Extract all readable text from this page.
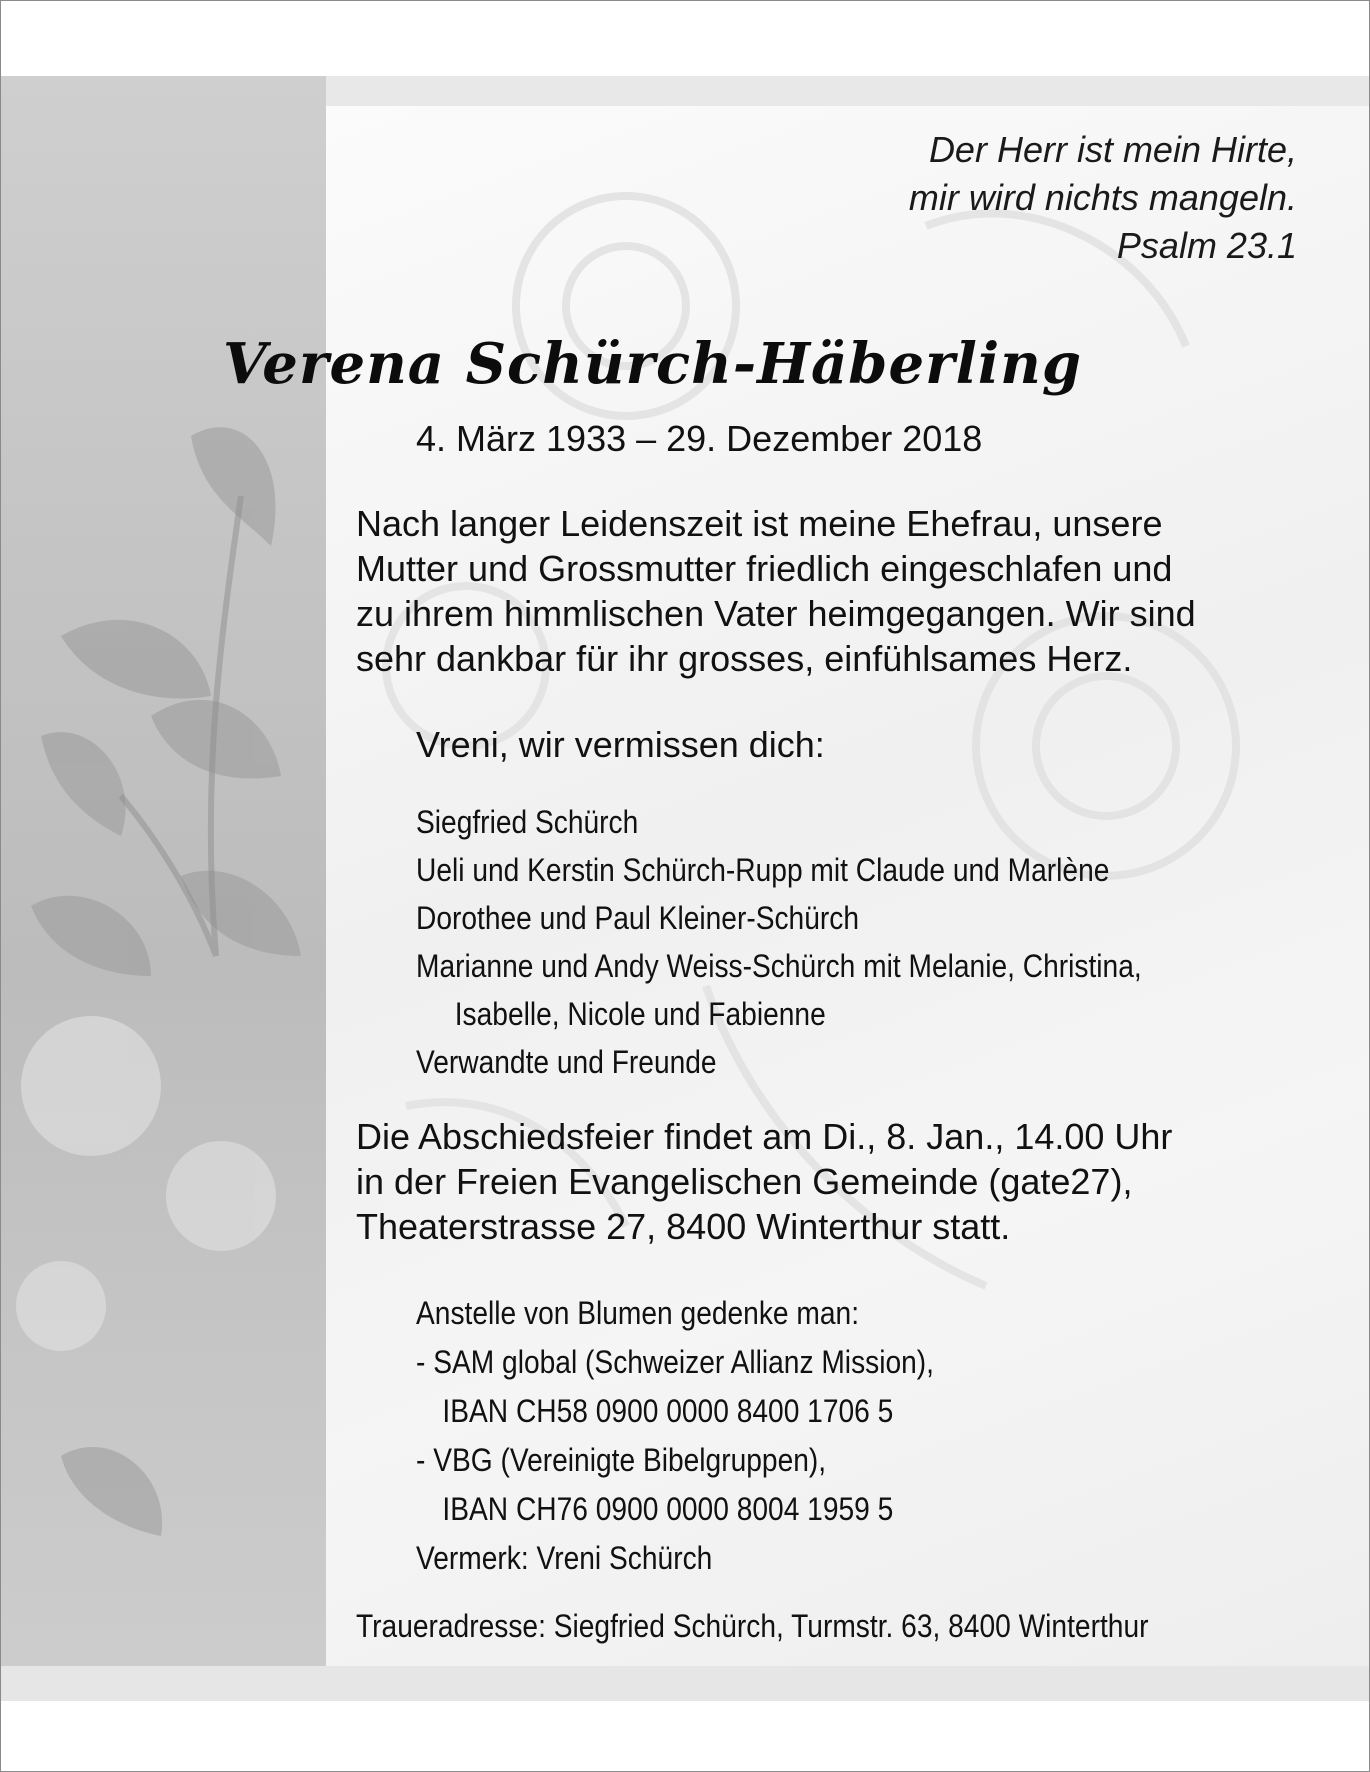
Der Herr ist mein Hirte,
mir wird nichts mangeln.
Psalm 23.1
Verena Schürch-Häberling
4. März 1933 – 29. Dezember 2018
Nach langer Leidenszeit ist meine Ehefrau, unsere
Mutter und Grossmutter friedlich eingeschlafen und
zu ihrem himmlischen Vater heimgegangen. Wir sind
sehr dankbar für ihr grosses, einfühlsames Herz.
Vreni, wir vermissen dich:
Siegfried Schürch
Ueli und Kerstin Schürch-Rupp mit Claude und Marlène
Dorothee und Paul Kleiner-Schürch
Marianne und Andy Weiss-Schürch mit Melanie, Christina,
Isabelle, Nicole und Fabienne
Verwandte und Freunde
Die Abschiedsfeier findet am Di., 8. Jan., 14.00 Uhr
in der Freien Evangelischen Gemeinde (gate27),
Theaterstrasse 27, 8400 Winterthur statt.
Anstelle von Blumen gedenke man:
- SAM global (Schweizer Allianz Mission),
IBAN CH58 0900 0000 8400 1706 5
- VBG (Vereinigte Bibelgruppen),
IBAN CH76 0900 0000 8004 1959 5
Vermerk: Vreni Schürch
Traueradresse: Siegfried Schürch, Turmstr. 63, 8400 Winterthur
